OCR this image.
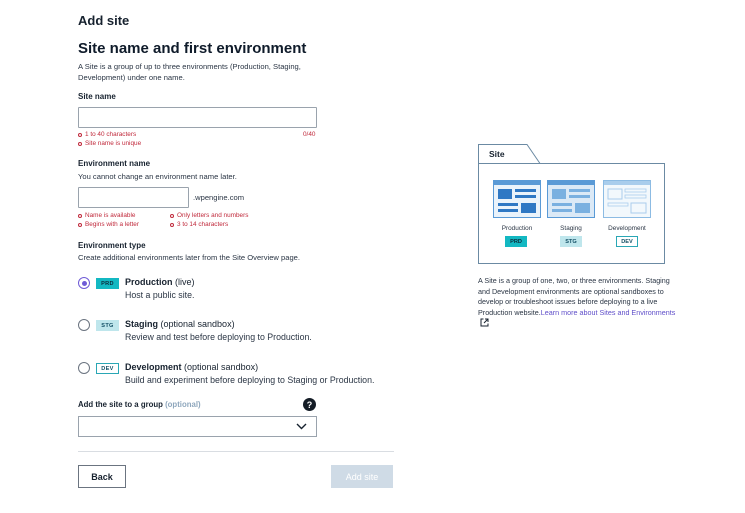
Add site
Site name and first environment
A Site is a group of up to three environments (Production, Staging, Development) under one name.
Site name
1 to 40 characters
Site name is unique
0/40
Environment name
You cannot change an environment name later.
.wpengine.com
Name is available
Begins with a letter
Only letters and numbers
3 to 14 characters
Environment type
Create additional environments later from the Site Overview page.
PRD	Production (live)
Host a public site.
STG	Staging (optional sandbox)
Review and test before deploying to Production.
DEV	Development (optional sandbox)
Build and experiment before deploying to Staging or Production.
Add the site to a group (optional)	?
Back	Add site
Site
Production	Staging	Development
PRD	STG	DEV
A Site is a group of one, two, or three environments. Staging and Development environments are optional sandboxes to develop or troubleshoot issues before deploying to a live Production website.Learn more about Sites and Environments
